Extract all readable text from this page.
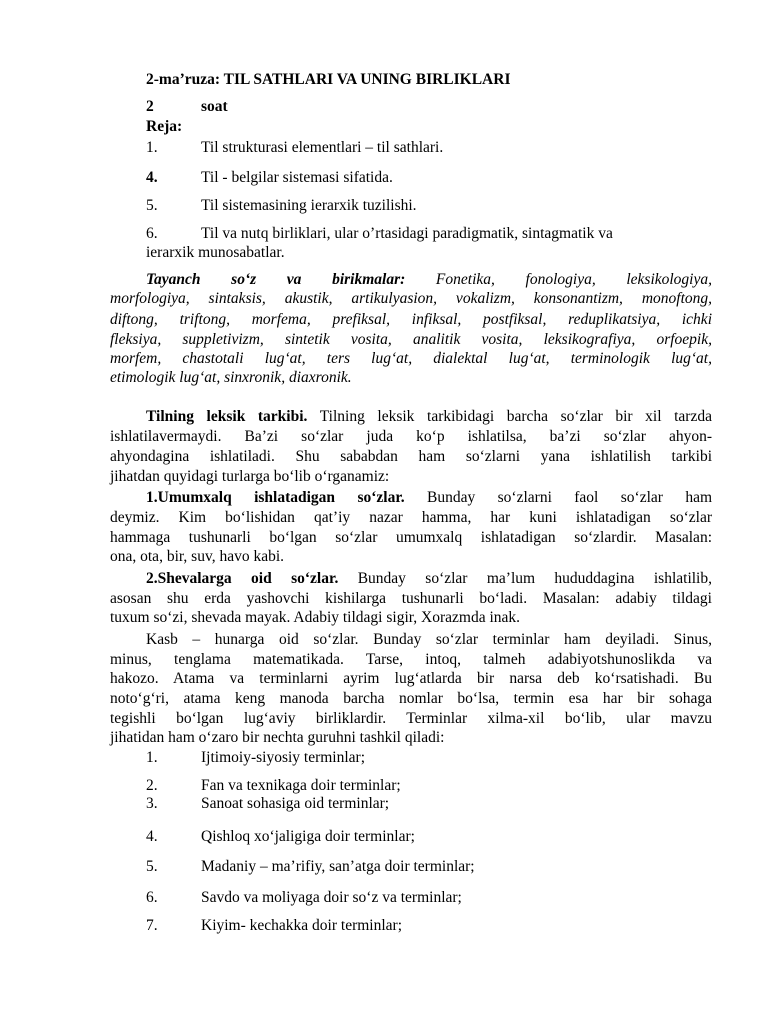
2-ma’ruza: TIL SATHLARI VA UNING BIRLIKLARI
2	soat
Reja:
1.	Til strukturasi elementlari – til sathlari.
4.	Til - belgilar sistemasi sifatida.
5.	Til sistemasining ierarxik tuzilishi.
6.	Til va nutq birliklari, ular o’rtasidagi paradigmatik, sintagmatik va
ierarxik munosabatlar.
Tayanch so‘z va birikmalar: Fonetika, fonologiya, leksikologiya,
morfologiya, sintaksis, akustik, artikulyasion, vokalizm, konsonantizm, monoftong,
diftong, triftong, morfema, prefiksal, infiksal, postfiksal, reduplikatsiya, ichki
fleksiya, suppletivizm, sintetik vosita, analitik vosita, leksikografiya, orfoepik,
morfem, chastotali lug‘at, ters lug‘at, dialektal lug‘at, terminologik lug‘at,
etimologik lug‘at, sinxronik, diaxronik.
Tilning leksik tarkibi. Tilning leksik tarkibidagi barcha so‘zlar bir xil tarzda
ishlatilavermaydi. Ba’zi so‘zlar juda ko‘p ishlatilsa, ba’zi so‘zlar ahyon-
ahyondagina ishlatiladi. Shu sababdan ham so‘zlarni yana ishlatilish tarkibi
jihatdan quyidagi turlarga bo‘lib o‘rganamiz:
1.Umumxalq ishlatadigan so‘zlar. Bunday so‘zlarni faol so‘zlar ham
deymiz. Kim bo‘lishidan qat’iy nazar hamma, har kuni ishlatadigan so‘zlar
hammaga tushunarli bo‘lgan so‘zlar umumxalq ishlatadigan so‘zlardir. Masalan:
ona, ota, bir, suv, havo kabi.
2.Shevalarga oid so‘zlar. Bunday so‘zlar ma’lum hududdagina ishlatilib,
asosan shu erda yashovchi kishilarga tushunarli bo‘ladi. Masalan: adabiy tildagi
tuxum so‘zi, shevada mayak. Adabiy tildagi sigir, Xorazmda inak.
Kasb – hunarga oid so‘zlar. Bunday so‘zlar terminlar ham deyiladi. Sinus,
minus, tenglama matematikada. Tarse, intoq, talmeh adabiyotshunoslikda va
hakozo. Atama va terminlarni ayrim lug‘atlarda bir narsa deb ko‘rsatishadi. Bu
noto‘g‘ri, atama keng manoda barcha nomlar bo‘lsa, termin esa har bir sohaga
tegishli bo‘lgan lug‘aviy birliklardir. Terminlar xilma-xil bo‘lib, ular mavzu
jihatidan ham o‘zaro bir nechta guruhni tashkil qiladi:
1.	Ijtimoiy-siyosiy terminlar;
2.	Fan va texnikaga doir terminlar;
3.	Sanoat sohasiga oid terminlar;
4.	Qishloq xo‘jaligiga doir terminlar;
5.	Madaniy – ma’rifiy, san’atga doir terminlar;
6.	Savdo va moliyaga doir so‘z va terminlar;
7.	Kiyim- kechakka doir terminlar;
